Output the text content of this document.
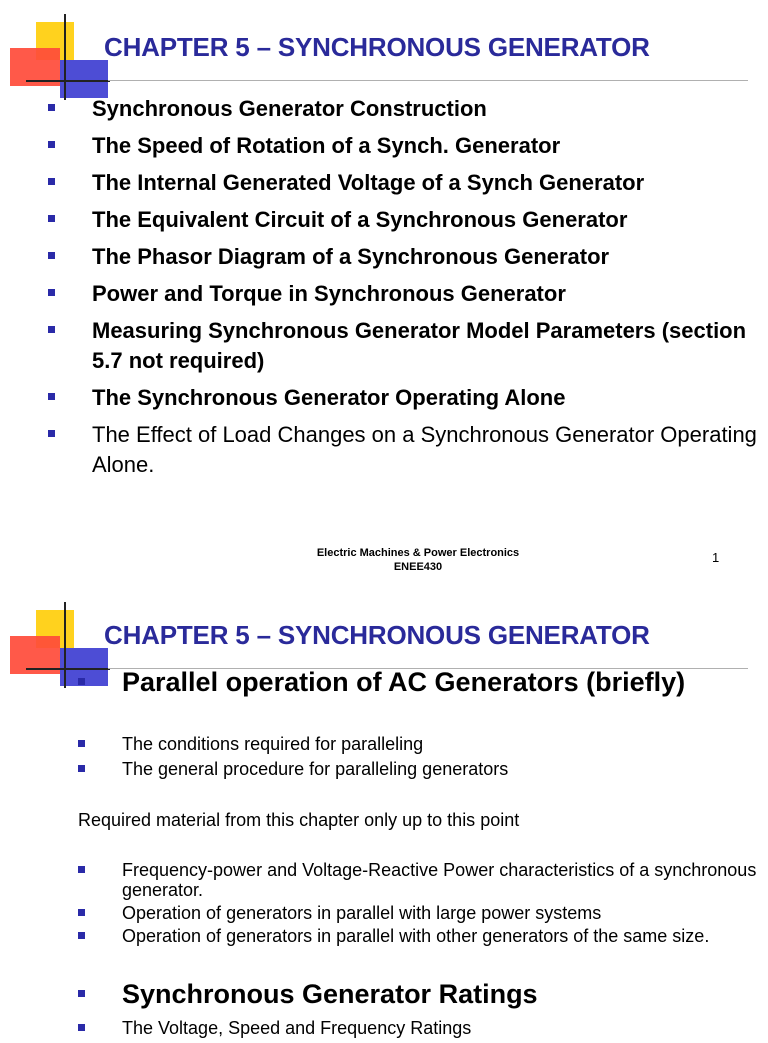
CHAPTER 5 – SYNCHRONOUS GENERATOR
Synchronous Generator Construction
The Speed of Rotation of a Synch. Generator
The Internal Generated Voltage of a Synch Generator
The Equivalent Circuit of a Synchronous Generator
The Phasor Diagram of a Synchronous Generator
Power and Torque in Synchronous Generator
Measuring Synchronous Generator Model Parameters (section 5.7 not required)
The Synchronous Generator Operating Alone
The Effect of Load Changes on a Synchronous Generator Operating Alone.
Electric Machines & Power Electronics
ENEE430
1
CHAPTER 5 – SYNCHRONOUS GENERATOR
Parallel operation of AC Generators (briefly)
The conditions required for paralleling
The general procedure for paralleling generators
Required material from this chapter only up to this point
Frequency-power and Voltage-Reactive Power characteristics of a synchronous generator.
Operation of generators in parallel with large power systems
Operation of generators in parallel with other generators of the same size.
Synchronous Generator Ratings
The Voltage, Speed and Frequency Ratings
